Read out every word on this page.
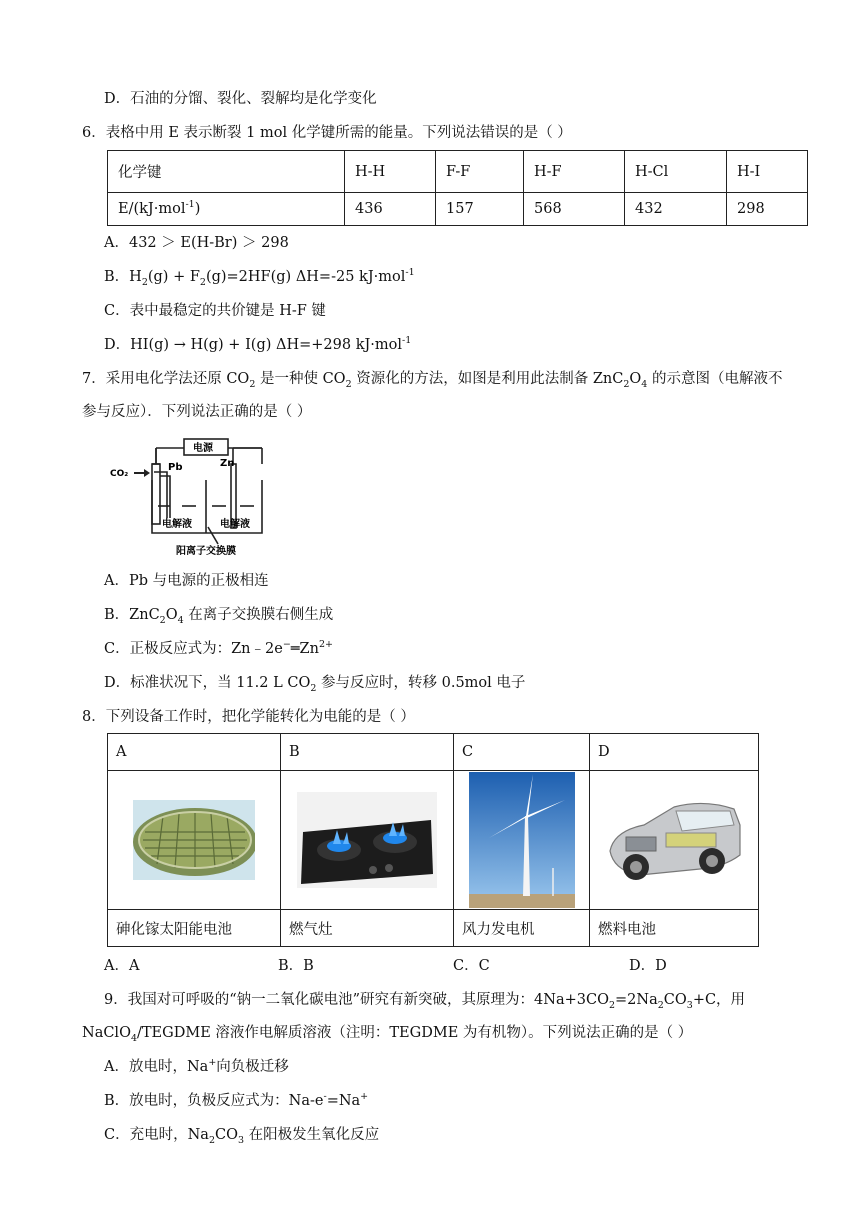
D．石油的分馏、裂化、裂解均是化学变化
6．表格中用 E 表示断裂 1 mol 化学键所需的能量。下列说法错误的是（ ）
化学键	H-H	F-F	H-F	H-Cl	H-I
E/(kJ·mol$^{-1}$)	436	157	568	432	298
A．432 ＞ E(H-Br) ＞ 298
B．$H_2(g) + F_2(g)=2HF(g)$ ΔH=-25 kJ·mol$^{-1}$
C．表中最稳定的共价键是 H-F 键
D．HI(g) → H(g) + I(g) ΔH=+298 kJ·mol$^{-1}$
7．采用电化学法还原 $CO_2$ 是一种使 $CO_2$ 资源化的方法，如图是利用此法制备 $ZnC_2O_4$ 的示意图（电解液不
参与反应）．下列说法正确的是（ ）
CO₂
电源
Pb	Zn
电解液	电解液
阳离子交换膜
A．Pb 与电源的正极相连
B．$ZnC_2O_4$ 在离子交换膜右侧生成
C．正极反应式为：$Zn﹣2e^-═Zn^{2+}$
D．标准状况下，当 11.2 L $CO_2$ 参与反应时，转移 0.5mol 电子
8．下列设备工作时，把化学能转化为电能的是（ ）
A	B	C	D

砷化镓太阳能电池	燃气灶	风力发电机	燃料电池
A．A	B．B	C．C	D．D
9．我国对可呼吸的“钠一二氧化碳电池”研究有新突破，其原理为：$4Na+3CO_2=2Na_2CO_3+C$，用
NaClO$_4$/TEGDME 溶液作电解质溶液（注明：TEGDME 为有机物）。下列说法正确的是（ ）
A．放电时，Na+向负极迁移
B．放电时，负极反应式为：Na-e-=Na+
C．充电时，$Na_2CO_3$ 在阳极发生氧化反应
